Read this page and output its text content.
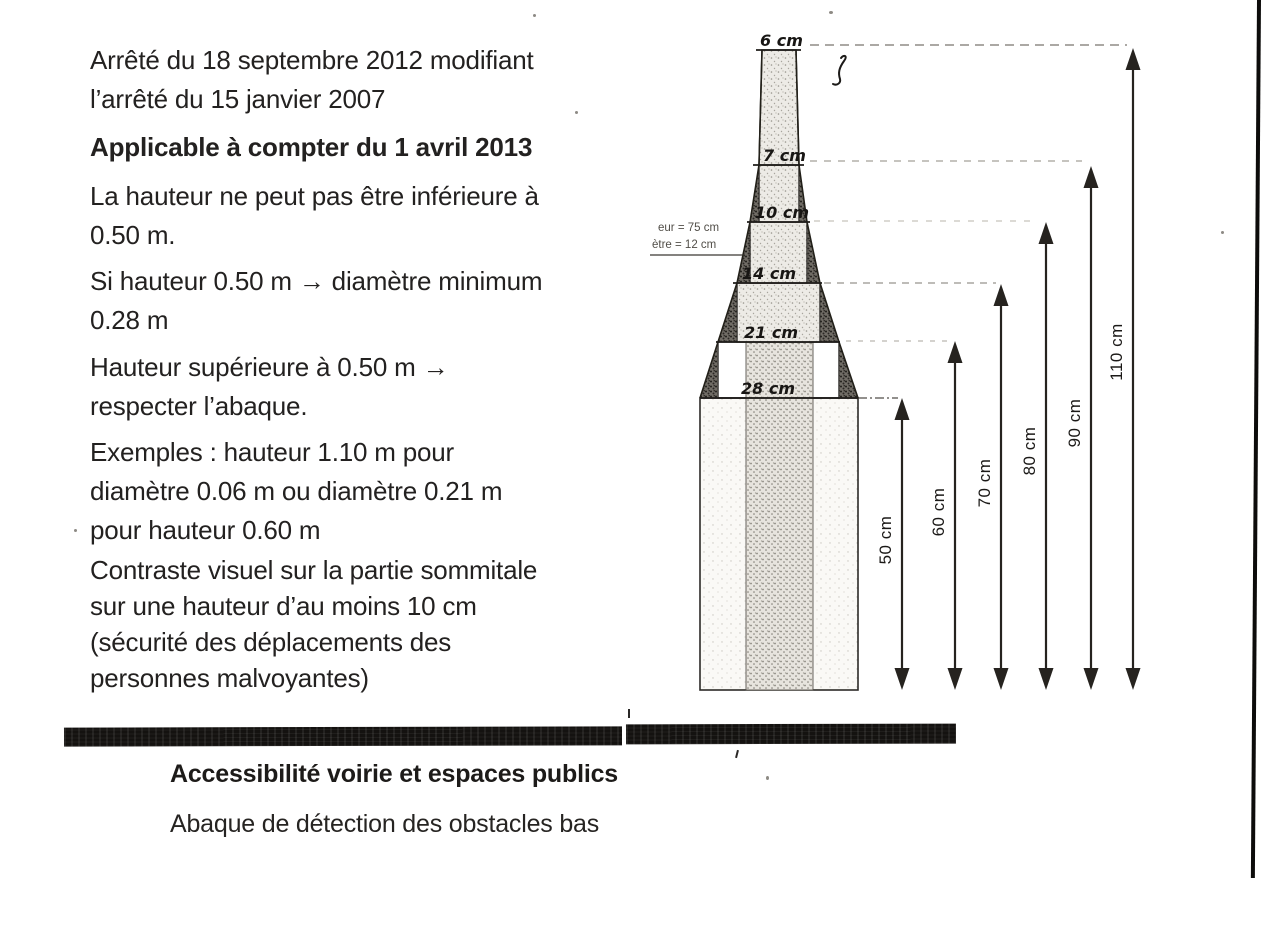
Arrêté du 18 septembre 2012 modifiant
l’arrêté du 15 janvier 2007
Applicable à compter du 1 avril 2013
La hauteur ne peut pas être inférieure à
0.50 m.
Si hauteur 0.50 m → diamètre minimum
0.28 m
Hauteur supérieure à 0.50 m →
respecter l’abaque.
Exemples : hauteur 1.10 m pour
diamètre 0.06 m ou diamètre 0.21 m
pour hauteur 0.60 m
Contraste visuel sur la partie sommitale
sur une hauteur d’au moins 10 cm
(sécurité des déplacements des
personnes malvoyantes)
Accessibilité voirie et espaces publics
Abaque de détection des obstacles bas
6 cm
7 cm
10 cm
14 cm
21 cm
28 cm
eur = 75 cm
ètre = 12 cm
50 cm
60 cm
70 cm
80 cm
90 cm
110 cm
